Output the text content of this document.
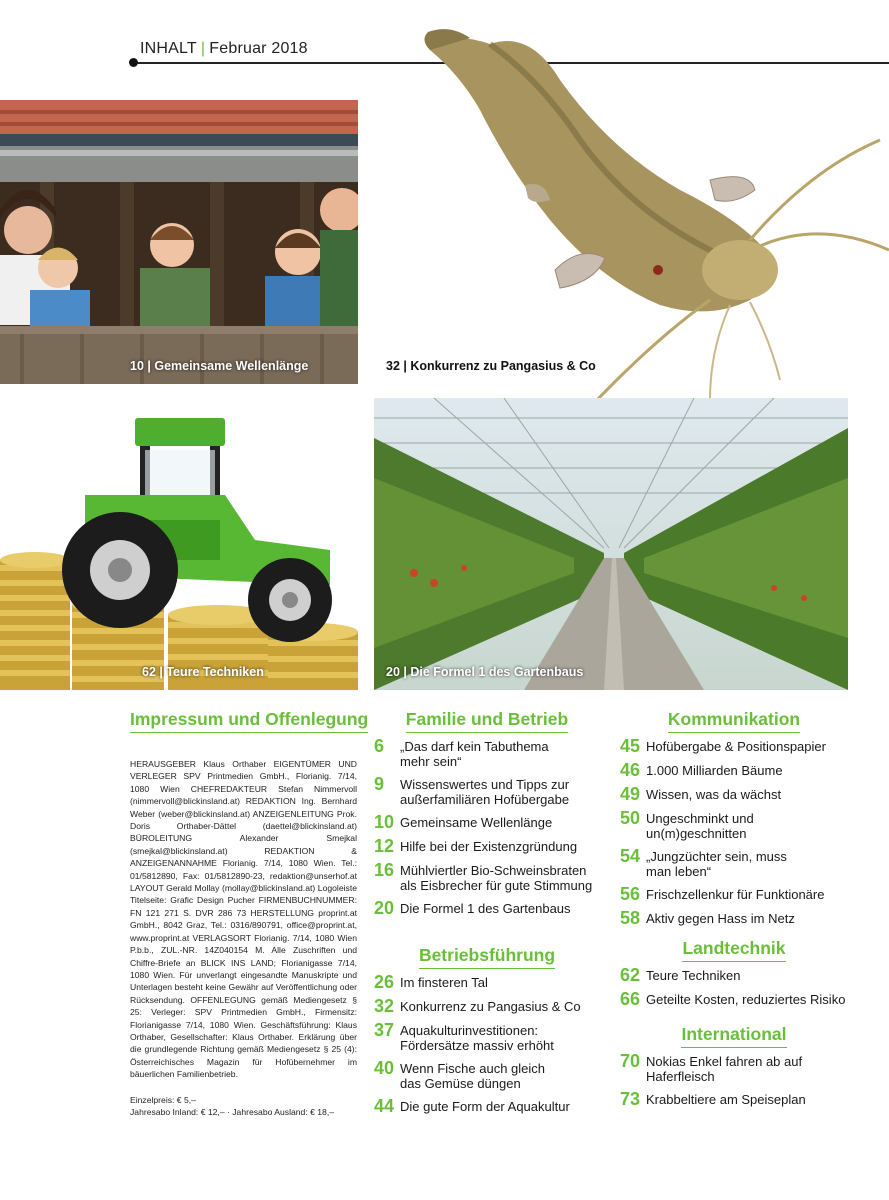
INHALT | Februar 2018
10 | Gemeinsame Wellenlänge	32 | Konkurrenz zu Pangasius & Co
62 | Teure Techniken	20 | Die Formel 1 des Gartenbaus
Impressum und Offenlegung
HERAUSGEBER Klaus Orthaber EIGENTÜMER UND VERLEGER SPV Printmedien GmbH., Florianig. 7/14, 1080 Wien CHEFREDAKTEUR Stefan Nimmervoll (nimmervoll@blickinsland.at) REDAKTION Ing. Bernhard Weber (weber@blickinsland.at) ANZEIGENLEITUNG Prok. Doris Orthaber-Dättel (daettel@blickinsland.at) BÜROLEITUNG Alexander Smejkal (smejkal@blickinsland.at) REDAKTION & ANZEIGENANNAHME Florianig. 7/14, 1080 Wien. Tel.: 01/5812890, Fax: 01/5812890-23, redaktion@unserhof.at LAYOUT Gerald Mollay (mollay@blickinsland.at) Logoleiste Titelseite: Grafic Design Pucher FIRMENBUCHNUMMER: FN 121 271 S. DVR 286 73 HERSTELLUNG proprint.at GmbH., 8042 Graz, Tel.: 0316/890791, office@proprint.at, www.proprint.at VERLAGSORT Florianig. 7/14, 1080 Wien P.b.b., ZUL.-NR. 14Z040154 M. Alle Zuschriften und Chiffre-Briefe an BLICK INS LAND; Florianigasse 7/14, 1080 Wien. Für unverlangt eingesandte Manuskripte und Unterlagen besteht keine Gewähr auf Veröffentlichung oder Rücksendung. OFFENLEGUNG gemäß Mediengesetz § 25: Verleger: SPV Printmedien GmbH., Firmensitz: Florianigasse 7/14, 1080 Wien. Geschäftsführung: Klaus Orthaber, Gesellschafter: Klaus Orthaber. Erklärung über die grundlegende Richtung gemäß Mediengesetz § 25 (4): Österreichisches Magazin für Hofübernehmer im bäuerlichen Familienbetrieb.
Einzelpreis: € 5,–
Jahresabo Inland: € 12,– · Jahresabo Ausland: € 18,–
Familie und Betrieb
6	„Das darf kein Tabuthema mehr sein“
9	Wissenswertes und Tipps zur außerfamiliären Hofübergabe
10 Gemeinsame Wellenlänge
12 Hilfe bei der Existenzgründung
16 Mühlviertler Bio-Schweinsbraten als Eisbrecher für gute Stimmung
20 Die Formel 1 des Gartenbaus
Betriebsführung
26 Im finsteren Tal
32 Konkurrenz zu Pangasius & Co
37 Aquakulturinvestitionen: Fördersätze massiv erhöht
40 Wenn Fische auch gleich das Gemüse düngen
44 Die gute Form der Aquakultur
Kommunikation
45 Hofübergabe & Positionspapier
46 1.000 Milliarden Bäume
49 Wissen, was da wächst
50 Ungeschminkt und un(m)geschnitten
54 „Jungzüchter sein, muss man leben“
56 Frischzellenkur für Funktionäre
58 Aktiv gegen Hass im Netz
Landtechnik
62 Teure Techniken
66 Geteilte Kosten, reduziertes Risiko
International
70 Nokias Enkel fahren ab auf Haferfleisch
73 Krabbeltiere am Speiseplan
